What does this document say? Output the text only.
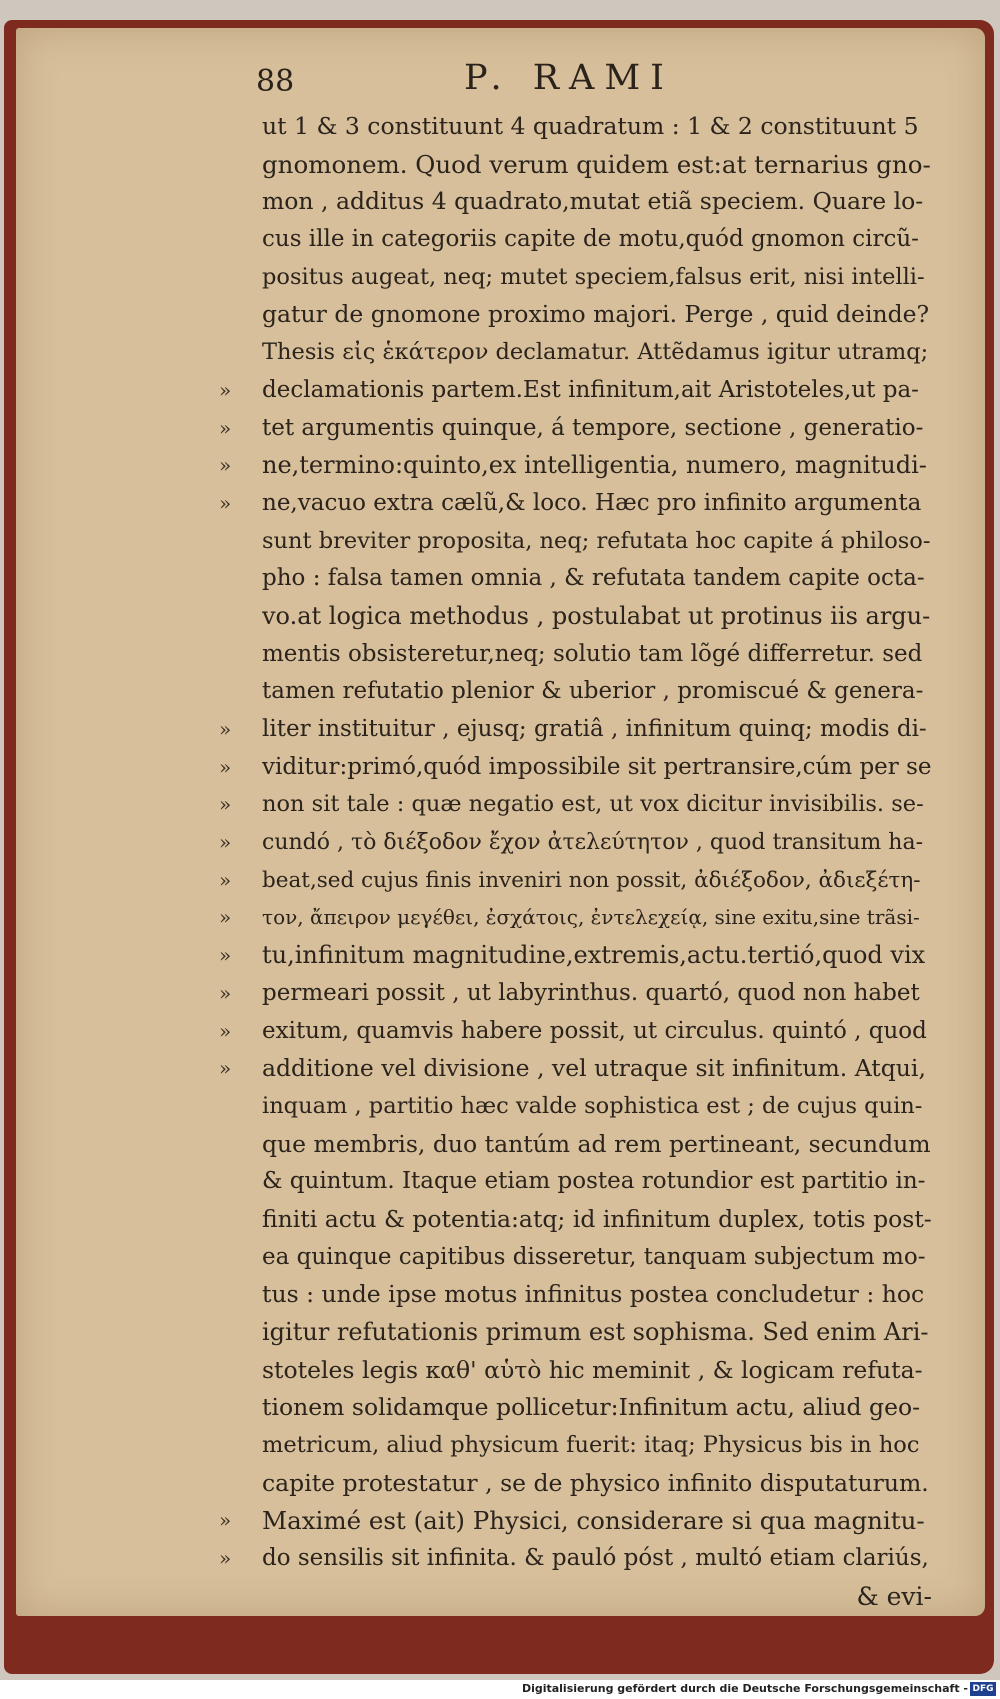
88	P. RAMI
ut 1 & 3 constituunt 4 quadratum : 1 & 2 constituunt 5
gnomonem. Quod verum quidem est:at ternarius gno-
mon , additus 4 quadrato,mutat etiã speciem. Quare lo-
cus ille in categoriis capite de motu,quód gnomon circũ-
positus augeat, neq; mutet speciem,falsus erit, nisi intelli-
gatur de gnomone proximo majori. Perge , quid deinde?
Thesis εἰς ἑκάτερον declamatur. Attẽdamus igitur utramq;
» declamationis partem.Est infinitum,ait Aristoteles,ut pa-
» tet argumentis quinque, á tempore, sectione , generatio-
» ne,termino:quinto,ex intelligentia, numero, magnitudi-
» ne,vacuo extra cælũ,& loco. Hæc pro infinito argumenta
sunt breviter proposita, neq; refutata hoc capite á philoso-
pho : falsa tamen omnia , & refutata tandem capite octa-
vo.at logica methodus , postulabat ut protinus iis argu-
mentis obsisteretur,neq; solutio tam lõgé differretur. sed
tamen refutatio plenior & uberior , promiscué & genera-
» liter instituitur , ejusq; gratiâ , infinitum quinq; modis di-
» viditur:primó,quód impossibile sit pertransire,cúm per se
» non sit tale : quæ negatio est, ut vox dicitur invisibilis. se-
» cundó , τὸ διέξοδον ἔχον ἀτελεύτητον , quod transitum ha-
» beat,sed cujus finis inveniri non possit, ἀδιέξοδον, ἀδιεξέτη-
» τον, ἄπειρον μεγέθει, ἐσχάτοις, ἐντελεχείᾳ, sine exitu,sine trãsi-
» tu,infinitum magnitudine,extremis,actu.tertió,quod vix
» permeari possit , ut labyrinthus. quartó, quod non habet
» exitum, quamvis habere possit, ut circulus. quintó , quod
» additione vel divisione , vel utraque sit infinitum. Atqui,
inquam , partitio hæc valde sophistica est ; de cujus quin-
que membris, duo tantúm ad rem pertineant, secundum
& quintum. Itaque etiam postea rotundior est partitio in-
finiti actu & potentia:atq; id infinitum duplex, totis post-
ea quinque capitibus disseretur, tanquam subjectum mo-
tus : unde ipse motus infinitus postea concludetur : hoc
igitur refutationis primum est sophisma. Sed enim Ari-
stoteles legis καθ' αὑτὸ hic meminit , & logicam refuta-
tionem solidamque pollicetur:Infinitum actu, aliud geo-
metricum, aliud physicum fuerit: itaq; Physicus bis in hoc
capite protestatur , se de physico infinito disputaturum.
» Maximé est (ait) Physici, considerare si qua magnitu-
» do sensilis sit infinita. & pauló póst , multó etiam clariús,
& evi-
Digitalisierung gefördert durch die Deutsche Forschungsgemeinschaft - DFG
